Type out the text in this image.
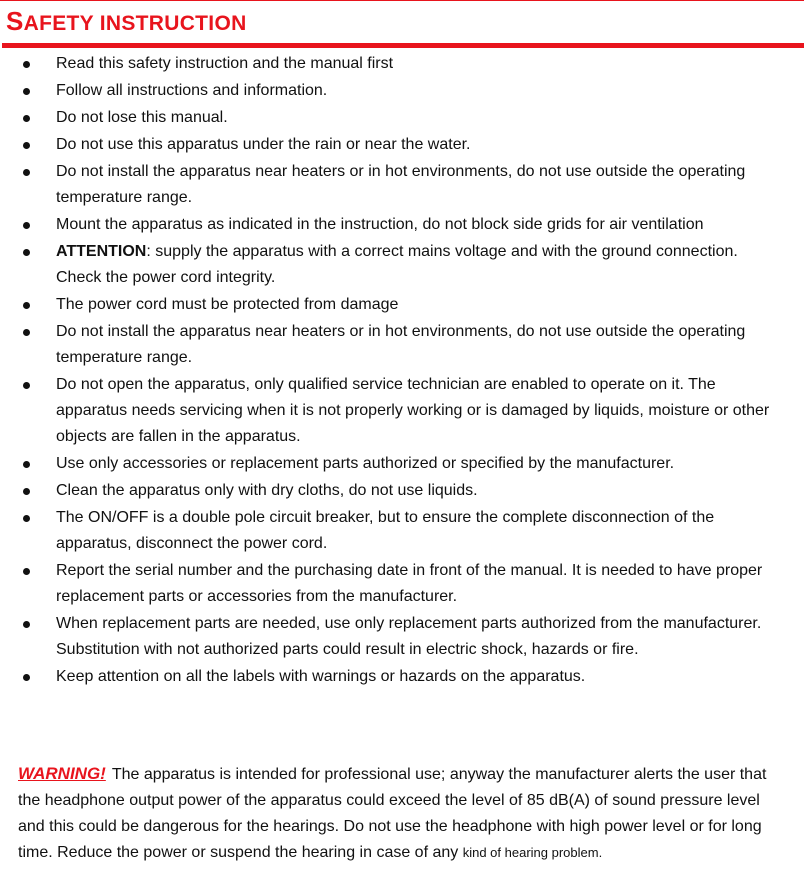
SAFETY INSTRUCTION
Read this safety instruction and the manual first
Follow all instructions and information.
Do not lose this manual.
Do not use this apparatus under the rain or near the water.
Do not install the apparatus near heaters or in hot environments, do not use outside the operating temperature range.
Mount the apparatus as indicated in the instruction, do not block side grids for air ventilation
ATTENTION: supply the apparatus with a correct mains voltage and with the ground connection. Check the power cord integrity.
The power cord must be protected from damage
Do not install the apparatus near heaters or in hot environments, do not use outside the operating temperature range.
Do not open the apparatus, only qualified service technician are enabled to operate on it. The apparatus needs servicing when it is not properly working or is damaged by liquids, moisture or other objects are fallen in the apparatus.
Use only accessories or replacement parts authorized or specified by the manufacturer.
Clean the apparatus only with dry cloths, do not use liquids.
The ON/OFF is a double pole circuit breaker, but to ensure the complete disconnection of the apparatus, disconnect the power cord.
Report the serial number and the purchasing date in front of the manual. It is needed to have proper replacement parts or accessories from the manufacturer.
When replacement parts are needed, use only replacement parts authorized from the manufacturer. Substitution with not authorized parts could result in electric shock, hazards or fire.
Keep attention on all the labels with warnings or hazards on the apparatus.

WARNING! The apparatus is intended for professional use; anyway the manufacturer alerts the user that the headphone output power of the apparatus could exceed the level of 85 dB(A) of sound pressure level and this could be dangerous for the hearings. Do not use the headphone with high power level or for long time. Reduce the power or suspend the hearing in case of any kind of hearing problem.
